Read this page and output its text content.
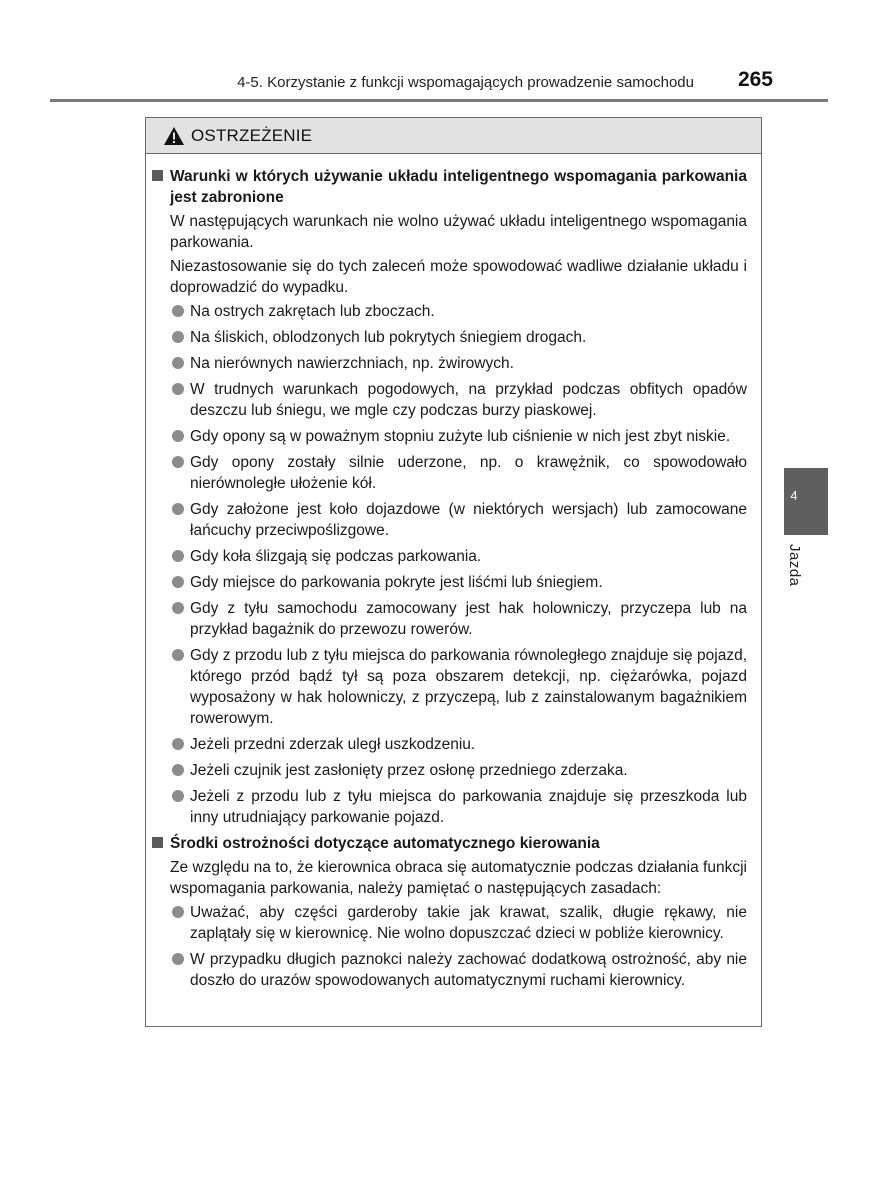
4-5. Korzystanie z funkcji wspomagających prowadzenie samochodu 265
4
Jazda
OSTRZEŻENIE
Warunki w których używanie układu inteligentnego wspomagania parkowania jest zabronione
W następujących warunkach nie wolno używać układu inteligentnego wspomagania parkowania.
Niezastosowanie się do tych zaleceń może spowodować wadliwe działanie układu i doprowadzić do wypadku.
Na ostrych zakrętach lub zboczach.
Na śliskich, oblodzonych lub pokrytych śniegiem drogach.
Na nierównych nawierzchniach, np. żwirowych.
W trudnych warunkach pogodowych, na przykład podczas obfitych opadów deszczu lub śniegu, we mgle czy podczas burzy piaskowej.
Gdy opony są w poważnym stopniu zużyte lub ciśnienie w nich jest zbyt niskie.
Gdy opony zostały silnie uderzone, np. o krawężnik, co spowodowało nierównoległe ułożenie kół.
Gdy założone jest koło dojazdowe (w niektórych wersjach) lub zamocowane łańcuchy przeciwpoślizgowe.
Gdy koła ślizgają się podczas parkowania.
Gdy miejsce do parkowania pokryte jest liśćmi lub śniegiem.
Gdy z tyłu samochodu zamocowany jest hak holowniczy, przyczepa lub na przykład bagażnik do przewozu rowerów.
Gdy z przodu lub z tyłu miejsca do parkowania równoległego znajduje się pojazd, którego przód bądź tył są poza obszarem detekcji, np. ciężarówka, pojazd wyposażony w hak holowniczy, z przyczepą, lub z zainstalowanym bagażnikiem rowerowym.
Jeżeli przedni zderzak uległ uszkodzeniu.
Jeżeli czujnik jest zasłonięty przez osłonę przedniego zderzaka.
Jeżeli z przodu lub z tyłu miejsca do parkowania znajduje się przeszkoda lub inny utrudniający parkowanie pojazd.
Środki ostrożności dotyczące automatycznego kierowania
Ze względu na to, że kierownica obraca się automatycznie podczas działania funkcji wspomagania parkowania, należy pamiętać o następujących zasadach:
Uważać, aby części garderoby takie jak krawat, szalik, długie rękawy, nie zaplątały się w kierownicę. Nie wolno dopuszczać dzieci w pobliże kierownicy.
W przypadku długich paznokci należy zachować dodatkową ostrożność, aby nie doszło do urazów spowodowanych automatycznymi ruchami kierownicy.
